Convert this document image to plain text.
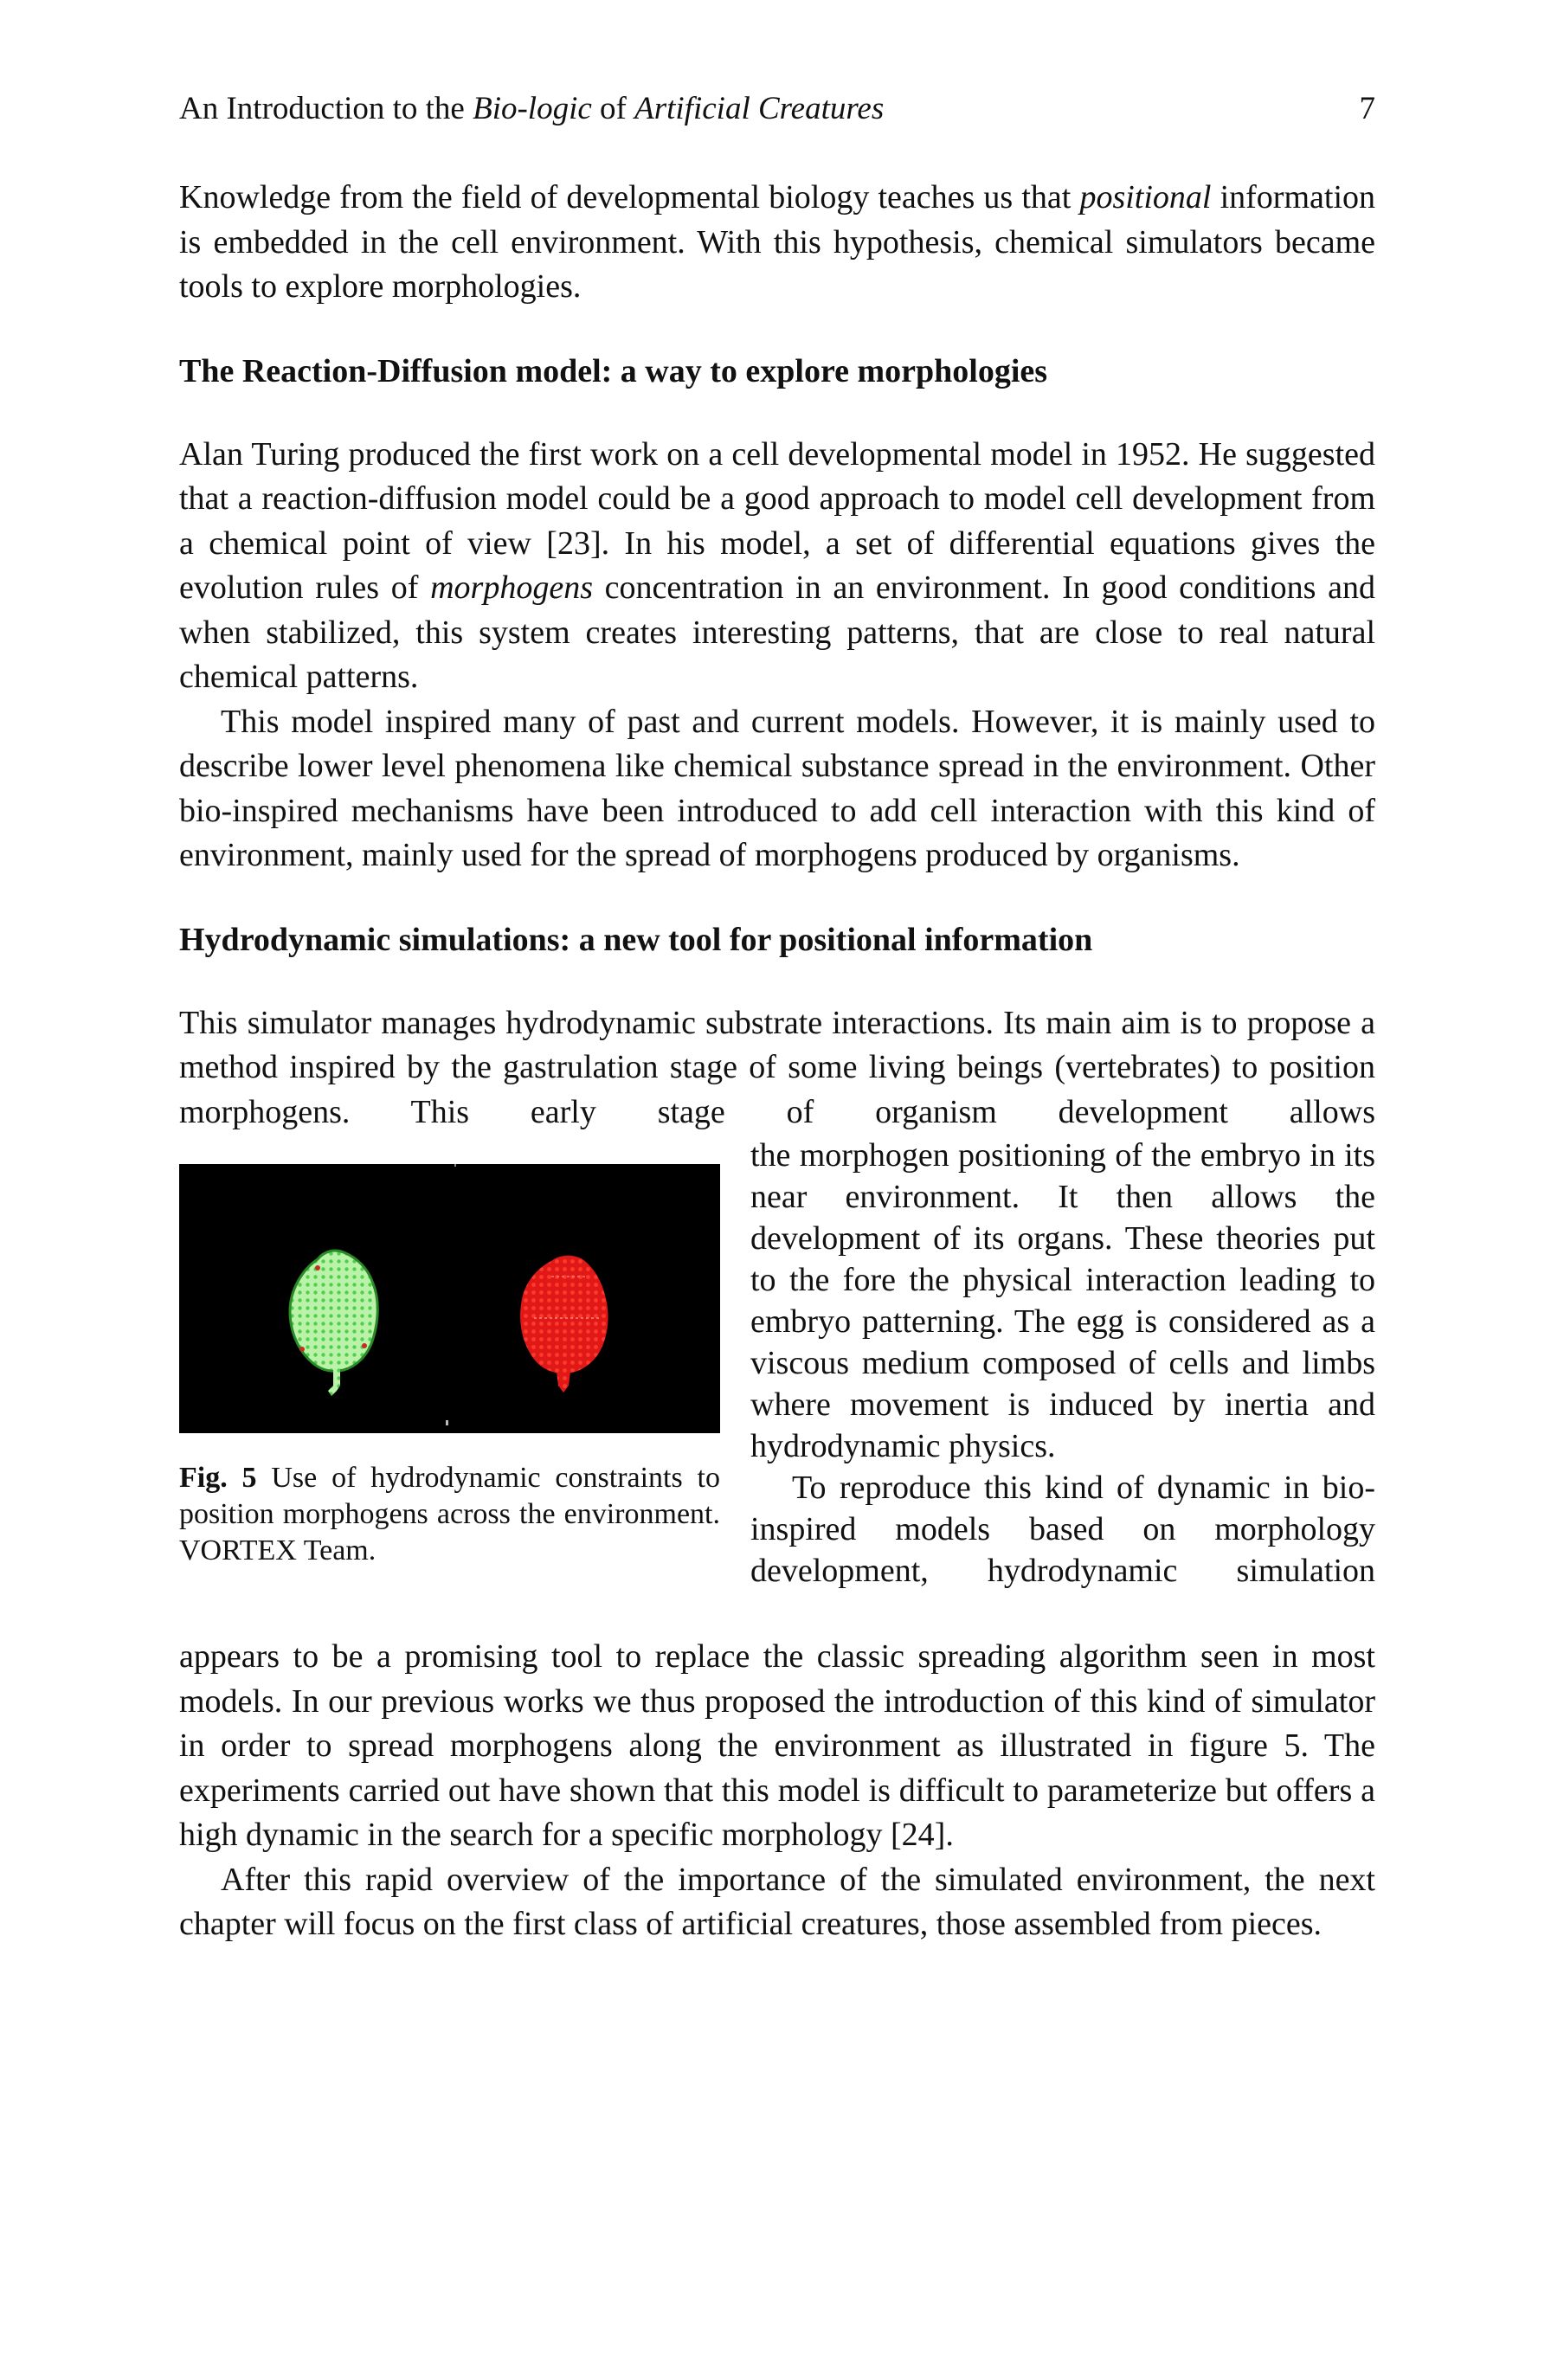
An Introduction to the Bio-logic of Artificial Creatures	7

Knowledge from the field of developmental biology teaches us that positional information is embedded in the cell environment. With this hypothesis, chemical simulators became tools to explore morphologies.

The Reaction-Diffusion model: a way to explore morphologies

Alan Turing produced the first work on a cell developmental model in 1952. He suggested that a reaction-diffusion model could be a good approach to model cell development from a chemical point of view [23]. In his model, a set of differential equations gives the evolution rules of morphogens concentration in an environment. In good conditions and when stabilized, this system creates interesting patterns, that are close to real natural chemical patterns.

This model inspired many of past and current models. However, it is mainly used to describe lower level phenomena like chemical substance spread in the environment. Other bio-inspired mechanisms have been introduced to add cell interaction with this kind of environment, mainly used for the spread of morphogens produced by organisms.

Hydrodynamic simulations: a new tool for positional information

This simulator manages hydrodynamic substrate interactions. Its main aim is to propose a method inspired by the gastrulation stage of some living beings (vertebrates) to position morphogens. This early stage of organism development allows

Fig. 5 Use of hydrodynamic constraints to position morphogens across the environment. VORTEX Team.

the morphogen positioning of the embryo in its near environment. It then allows the development of its organs. These theories put to the fore the physical interaction leading to embryo patterning. The egg is considered as a viscous medium composed of cells and limbs where movement is induced by inertia and hydrodynamic physics.

To reproduce this kind of dynamic in bio-inspired models based on morphology development, hydrodynamic simulation

appears to be a promising tool to replace the classic spreading algorithm seen in most models. In our previous works we thus proposed the introduction of this kind of simulator in order to spread morphogens along the environment as illustrated in figure 5. The experiments carried out have shown that this model is difficult to parameterize but offers a high dynamic in the search for a specific morphology [24].

After this rapid overview of the importance of the simulated environment, the next chapter will focus on the first class of artificial creatures, those assembled from pieces.
